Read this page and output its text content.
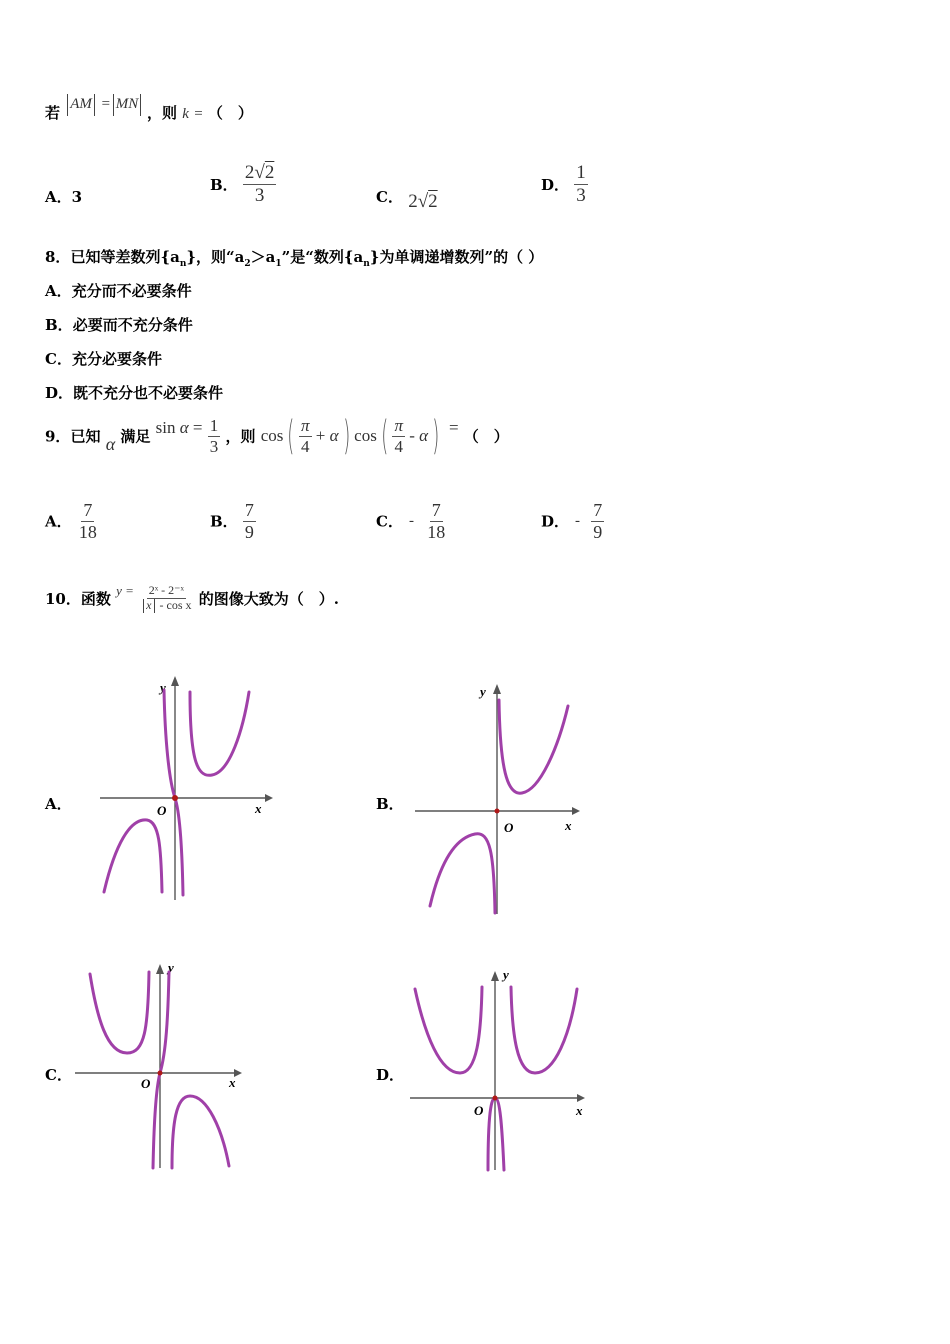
若 AM = MN ，则 k = （　）
A．3
B． $\frac{2√2}{3}$	C． 2√2
D． $\frac{1}{3}$
8．已知等差数列$\{a_n\}$，则“$a_2>a_1$”是“数列$\{a_n\}$为单调递增数列”的（ ）
A．充分而不必要条件
B．必要而不充分条件
C．充分必要条件
D．既不充分也不必要条件
9．已知 α 满足 $\sin \alpha = \frac{1}{3}$ ，则 cos ( $\frac{\pi}{4} + \alpha$ ) cos ( $\frac{\pi}{4}$ - α ) = （　）
A． $\frac{7}{18}$	B． $\frac{7}{9}$	C． - $\frac{7}{18}$	D． - $\frac{7}{9}$
10．函数 $y = \frac{\text{2ˣ - 2⁻ˣ}}{\text{x - cos x}}$ 的图像大致为（　）.
A．	B．
C．	D．
y
x
O
y
x
O
y
x
O
y
x
O
